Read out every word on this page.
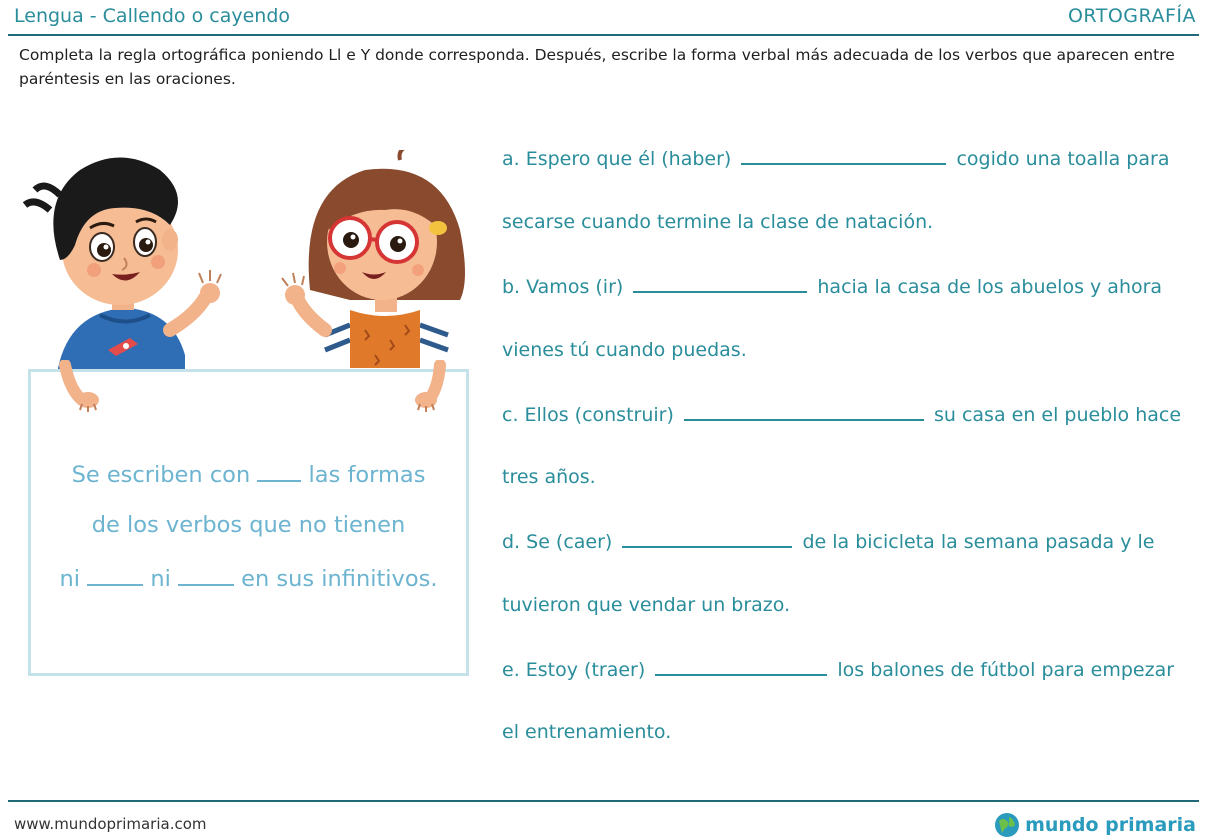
Lengua - Callendo o cayendo	ORTOGRAFÍA
Completa la regla ortográfica poniendo Ll e Y donde corresponda. Después, escribe la forma verbal más adecuada de los verbos que aparecen entre paréntesis en las oraciones.
Se escriben con	las formas
de los verbos que no tienen
ni	ni	en sus infinitivos.
a. Espero que él (haber)	cogido una toalla para
secarse cuando termine la clase de natación.
b. Vamos (ir)	hacia la casa de los abuelos y ahora
vienes tú cuando puedas.
c. Ellos (construir)	su casa en el pueblo hace
tres años.
d. Se (caer)	de la bicicleta la semana pasada y le
tuvieron que vendar un brazo.
e. Estoy (traer)	los balones de fútbol para empezar
el entrenamiento.
www.mundoprimaria.com	mundo primaria
